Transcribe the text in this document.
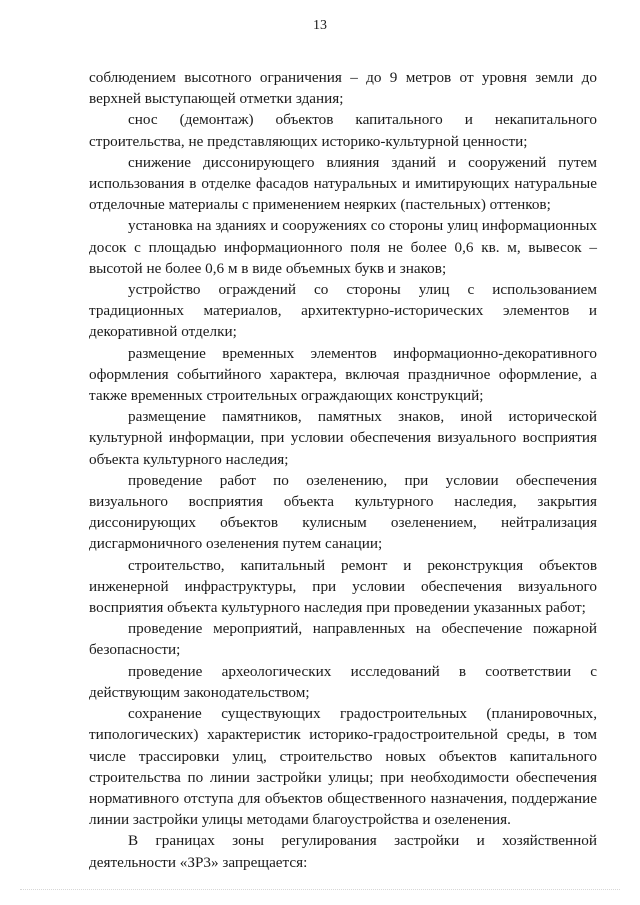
13

соблюдением высотного ограничения – до 9 метров от уровня земли до верхней выступающей отметки здания;

снос (демонтаж) объектов капитального и некапитального строительства, не представляющих историко-культурной ценности;

снижение диссонирующего влияния зданий и сооружений путем использования в отделке фасадов натуральных и имитирующих натуральные отделочные материалы с применением неярких (пастельных) оттенков;

установка на зданиях и сооружениях со стороны улиц информационных досок с площадью информационного поля не более 0,6 кв. м, вывесок – высотой не более 0,6 м в виде объемных букв и знаков;

устройство ограждений со стороны улиц с использованием традиционных материалов, архитектурно-исторических элементов и декоративной отделки;

размещение временных элементов информационно-декоративного оформления событийного характера, включая праздничное оформление, а также временных строительных ограждающих конструкций;

размещение памятников, памятных знаков, иной исторической культурной информации, при условии обеспечения визуального восприятия объекта культурного наследия;

проведение работ по озеленению, при условии обеспечения визуального восприятия объекта культурного наследия, закрытия диссонирующих объектов кулисным озеленением, нейтрализация дисгармоничного озеленения путем санации;

строительство, капитальный ремонт и реконструкция объектов инженерной инфраструктуры, при условии обеспечения визуального восприятия объекта культурного наследия при проведении указанных работ;

проведение мероприятий, направленных на обеспечение пожарной безопасности;

проведение археологических исследований в соответствии с действующим законодательством;

сохранение существующих градостроительных (планировочных, типологических) характеристик историко-градостроительной среды, в том числе трассировки улиц, строительство новых объектов капитального строительства по линии застройки улицы; при необходимости обеспечения нормативного отступа для объектов общественного назначения, поддержание линии застройки улицы методами благоустройства и озеленения.

В границах зоны регулирования застройки и хозяйственной деятельности «ЗР3» запрещается:
